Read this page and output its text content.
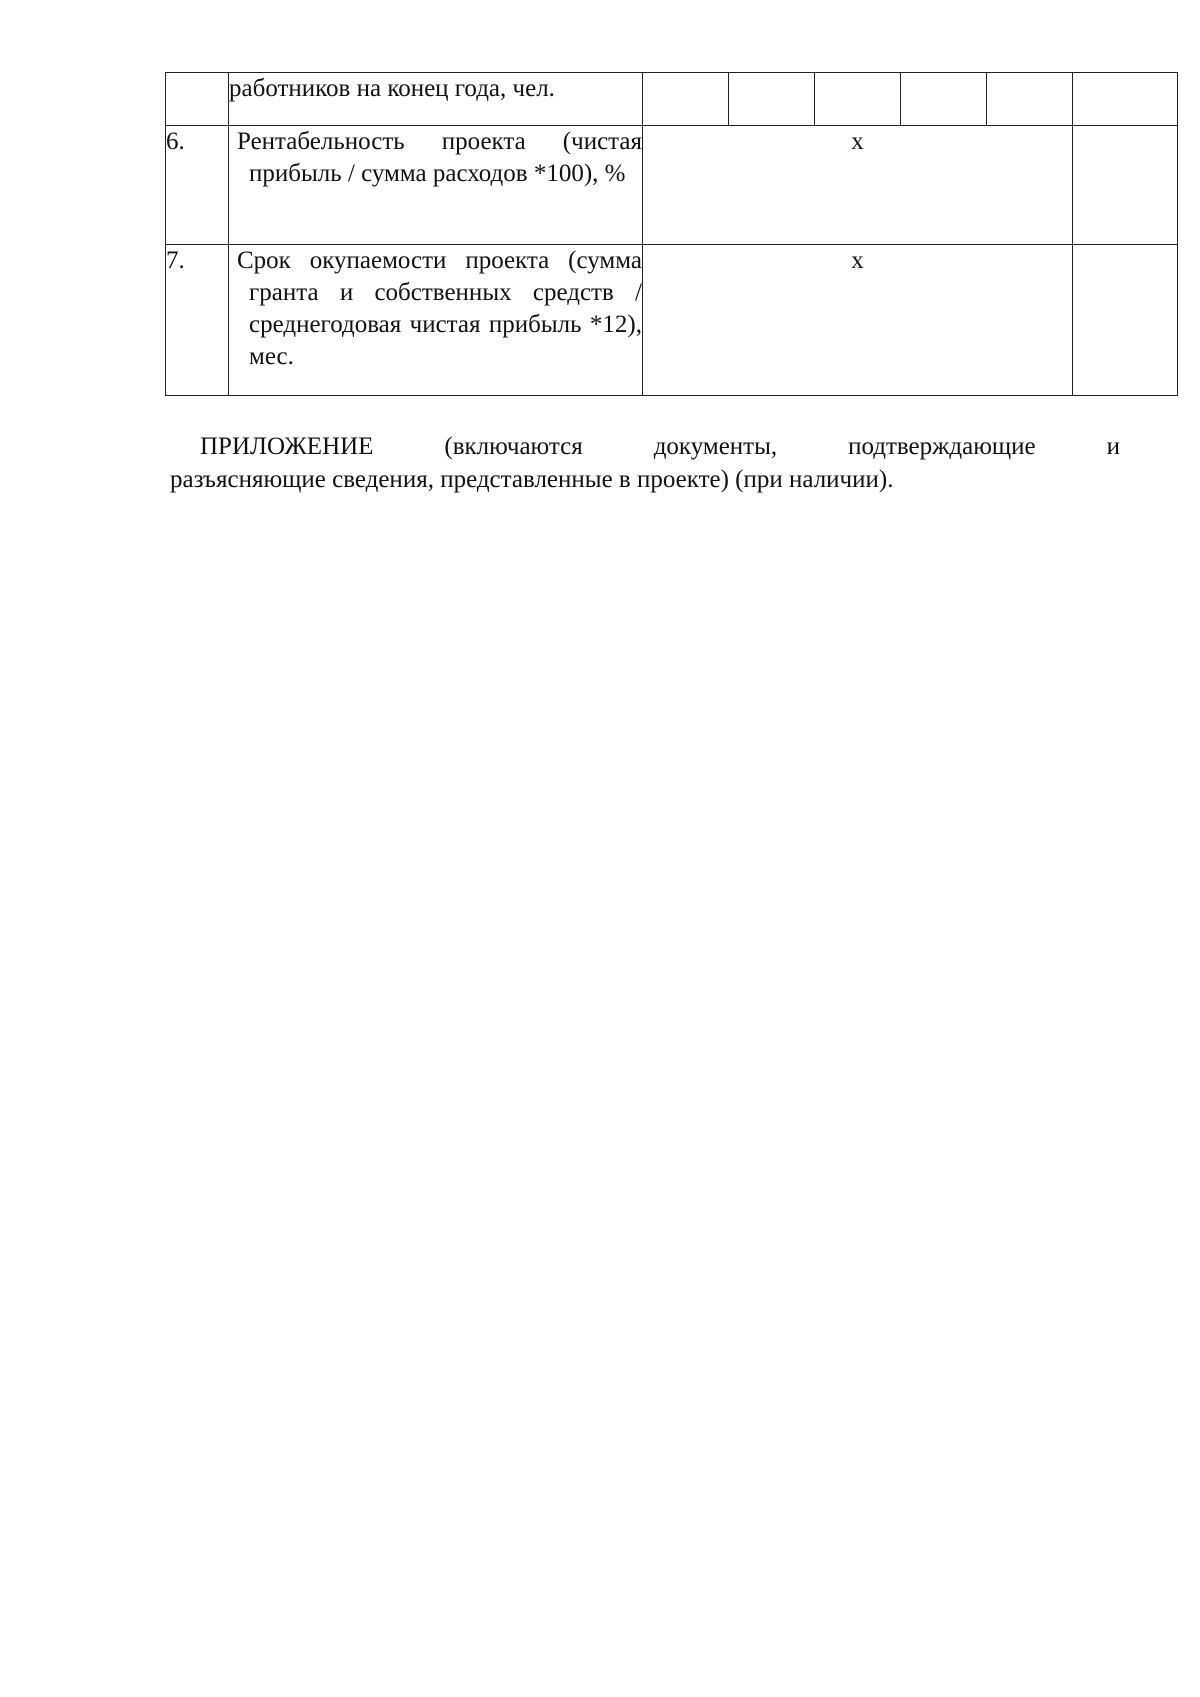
	работников на конец года, чел.						

6.	Рентабельность проекта (чистая прибыль / сумма расходов *100), %	х					
7.	Срок окупаемости проекта (сумма гранта и собственных средств / среднегодовая чистая прибыль *12), мес.	х					
ПРИЛОЖЕНИЕ (включаются документы, подтверждающие и
разъясняющие сведения, представленные в проекте) (при наличии).
